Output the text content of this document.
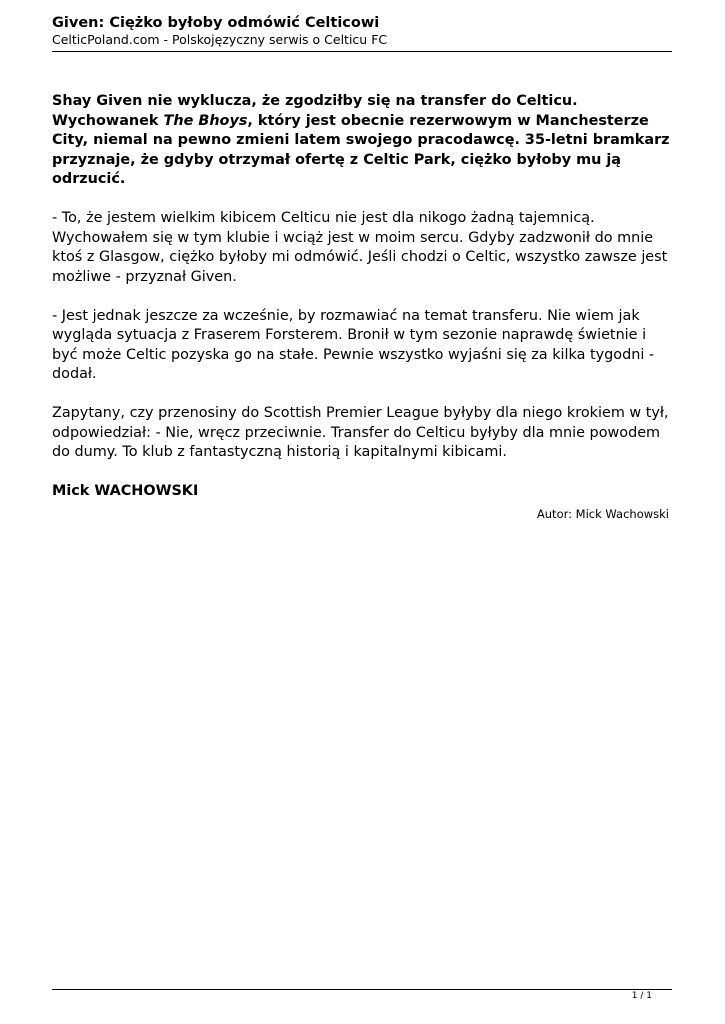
Given: Ciężko byłoby odmówić Celticowi

CelticPoland.com - Polskojęzyczny serwis o Celticu FC

Shay Given nie wyklucza, że zgodziłby się na transfer do Celticu. Wychowanek The Bhoys, który jest obecnie rezerwowym w Manchesterze City, niemal na pewno zmieni latem swojego pracodawcę. 35-letni bramkarz przyznaje, że gdyby otrzymał ofertę z Celtic Park, ciężko byłoby mu ją odrzucić.

- To, że jestem wielkim kibicem Celticu nie jest dla nikogo żadną tajemnicą. Wychowałem się w tym klubie i wciąż jest w moim sercu. Gdyby zadzwonił do mnie ktoś z Glasgow, ciężko byłoby mi odmówić. Jeśli chodzi o Celtic, wszystko zawsze jest możliwe - przyznał Given.

- Jest jednak jeszcze za wcześnie, by rozmawiać na temat transferu. Nie wiem jak wygląda sytuacja z Fraserem Forsterem. Bronił w tym sezonie naprawdę świetnie i być może Celtic pozyska go na stałe. Pewnie wszystko wyjaśni się za kilka tygodni - dodał.

Zapytany, czy przenosiny do Scottish Premier League byłyby dla niego krokiem w tył, odpowiedział: - Nie, wręcz przeciwnie. Transfer do Celticu byłyby dla mnie powodem do dumy. To klub z fantastyczną historią i kapitalnymi kibicami.

Mick WACHOWSKI

Autor: Mick Wachowski
1 / 1
